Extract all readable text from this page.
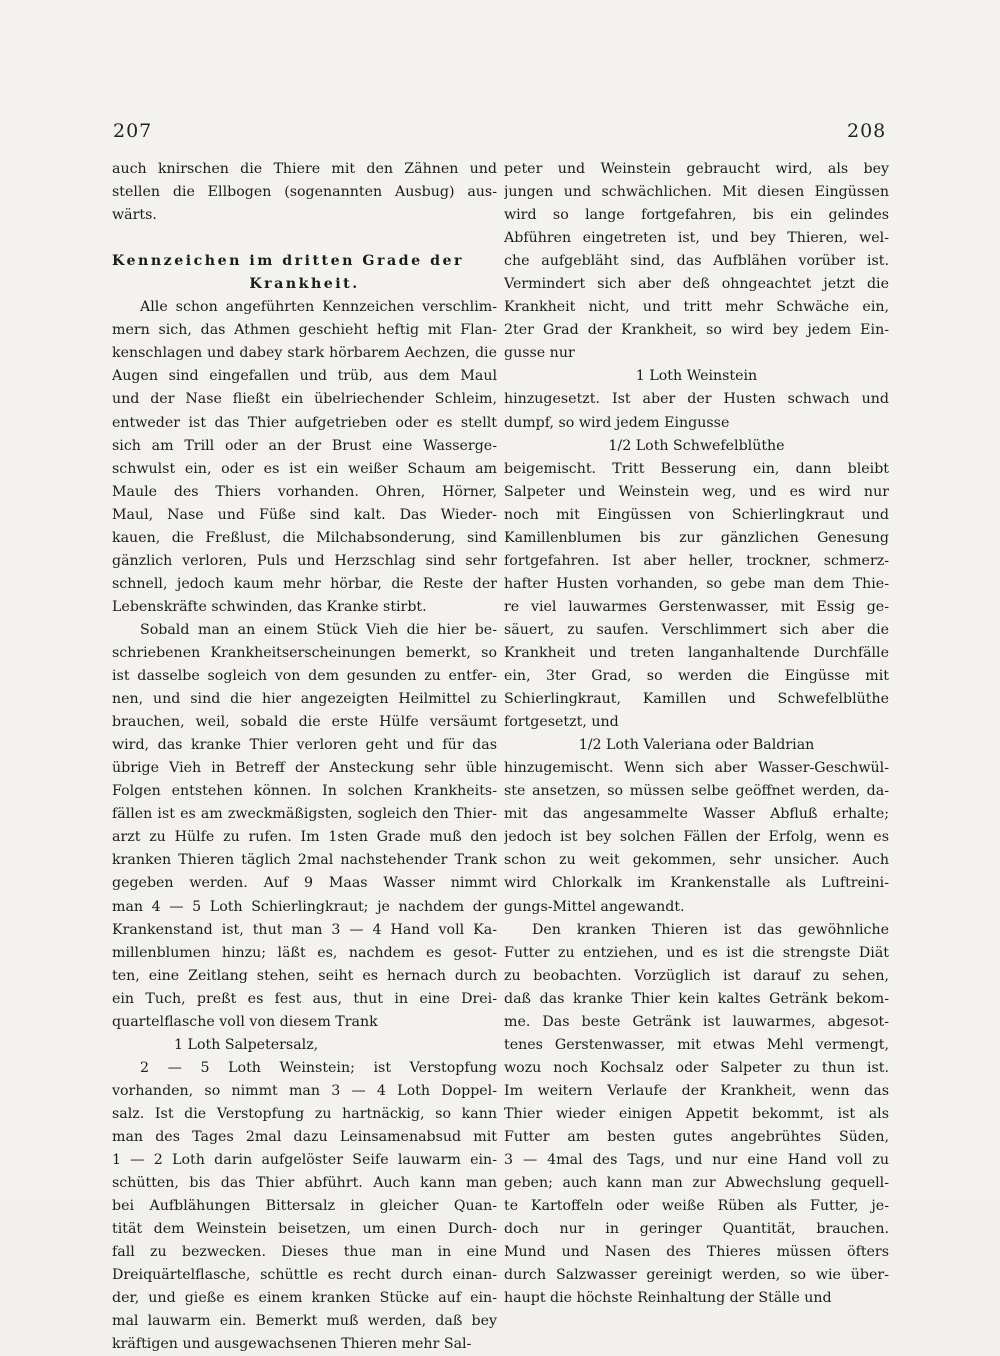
207	208
auch knirschen die Thiere mit den Zähnen und
stellen die Ellbogen (sogenannten Ausbug) aus-
wärts.
Kennzeichen im dritten Grade der
Krankheit.
Alle schon angeführten Kennzeichen verschlim-
mern sich, das Athmen geschieht heftig mit Flan-
kenschlagen und dabey stark hörbarem Aechzen, die
Augen sind eingefallen und trüb, aus dem Maul
und der Nase fließt ein übelriechender Schleim,
entweder ist das Thier aufgetrieben oder es stellt
sich am Trill oder an der Brust eine Wasserge-
schwulst ein, oder es ist ein weißer Schaum am
Maule des Thiers vorhanden. Ohren, Hörner,
Maul, Nase und Füße sind kalt. Das Wieder-
kauen, die Freßlust, die Milchabsonderung, sind
gänzlich verloren, Puls und Herzschlag sind sehr
schnell, jedoch kaum mehr hörbar, die Reste der
Lebenskräfte schwinden, das Kranke stirbt.
Sobald man an einem Stück Vieh die hier be-
schriebenen Krankheitserscheinungen bemerkt, so
ist dasselbe sogleich von dem gesunden zu entfer-
nen, und sind die hier angezeigten Heilmittel zu
brauchen, weil, sobald die erste Hülfe versäumt
wird, das kranke Thier verloren geht und für das
übrige Vieh in Betreff der Ansteckung sehr üble
Folgen entstehen können. In solchen Krankheits-
fällen ist es am zweckmäßigsten, sogleich den Thier-
arzt zu Hülfe zu rufen. Im 1sten Grade muß den
kranken Thieren täglich 2mal nachstehender Trank
gegeben werden. Auf 9 Maas Wasser nimmt
man 4 — 5 Loth Schierlingkraut; je nachdem der
Krankenstand ist, thut man 3 — 4 Hand voll Ka-
millenblumen hinzu; läßt es, nachdem es gesot-
ten, eine Zeitlang stehen, seiht es hernach durch
ein Tuch, preßt es fest aus, thut in eine Drei-
quartelflasche voll von diesem Trank
1 Loth Salpetersalz,
2 — 5 Loth Weinstein; ist Verstopfung
vorhanden, so nimmt man 3 — 4 Loth Doppel-
salz. Ist die Verstopfung zu hartnäckig, so kann
man des Tages 2mal dazu Leinsamenabsud mit
1 — 2 Loth darin aufgelöster Seife lauwarm ein-
schütten, bis das Thier abführt. Auch kann man
bei Aufblähungen Bittersalz in gleicher Quan-
tität dem Weinstein beisetzen, um einen Durch-
fall zu bezwecken. Dieses thue man in eine
Dreiquärtelflasche, schüttle es recht durch einan-
der, und gieße es einem kranken Stücke auf ein-
mal lauwarm ein. Bemerkt muß werden, daß bey
kräftigen und ausgewachsenen Thieren mehr Sal-
peter und Weinstein gebraucht wird, als bey
jungen und schwächlichen. Mit diesen Eingüssen
wird so lange fortgefahren, bis ein gelindes
Abführen eingetreten ist, und bey Thieren, wel-
che aufgebläht sind, das Aufblähen vorüber ist.
Vermindert sich aber deß ohngeachtet jetzt die
Krankheit nicht, und tritt mehr Schwäche ein,
2ter Grad der Krankheit, so wird bey jedem Ein-
gusse nur
1 Loth Weinstein
hinzugesetzt. Ist aber der Husten schwach und
dumpf, so wird jedem Eingusse
1/2 Loth Schwefelblüthe
beigemischt. Tritt Besserung ein, dann bleibt
Salpeter und Weinstein weg, und es wird nur
noch mit Eingüssen von Schierlingkraut und
Kamillenblumen bis zur gänzlichen Genesung
fortgefahren. Ist aber heller, trockner, schmerz-
hafter Husten vorhanden, so gebe man dem Thie-
re viel lauwarmes Gerstenwasser, mit Essig ge-
säuert, zu saufen. Verschlimmert sich aber die
Krankheit und treten langanhaltende Durchfälle
ein, 3ter Grad, so werden die Eingüsse mit
Schierlingkraut, Kamillen und Schwefelblüthe
fortgesetzt, und
1/2 Loth Valeriana oder Baldrian
hinzugemischt. Wenn sich aber Wasser-Geschwül-
ste ansetzen, so müssen selbe geöffnet werden, da-
mit das angesammelte Wasser Abfluß erhalte;
jedoch ist bey solchen Fällen der Erfolg, wenn es
schon zu weit gekommen, sehr unsicher. Auch
wird Chlorkalk im Krankenstalle als Luftreini-
gungs-Mittel angewandt.
Den kranken Thieren ist das gewöhnliche
Futter zu entziehen, und es ist die strengste Diät
zu beobachten. Vorzüglich ist darauf zu sehen,
daß das kranke Thier kein kaltes Getränk bekom-
me. Das beste Getränk ist lauwarmes, abgesot-
tenes Gerstenwasser, mit etwas Mehl vermengt,
wozu noch Kochsalz oder Salpeter zu thun ist.
Im weitern Verlaufe der Krankheit, wenn das
Thier wieder einigen Appetit bekommt, ist als
Futter am besten gutes angebrühtes Süden,
3 — 4mal des Tags, und nur eine Hand voll zu
geben; auch kann man zur Abwechslung gequell-
te Kartoffeln oder weiße Rüben als Futter, je-
doch nur in geringer Quantität, brauchen.
Mund und Nasen des Thieres müssen öfters
durch Salzwasser gereinigt werden, so wie über-
haupt die höchste Reinhaltung der Ställe und
